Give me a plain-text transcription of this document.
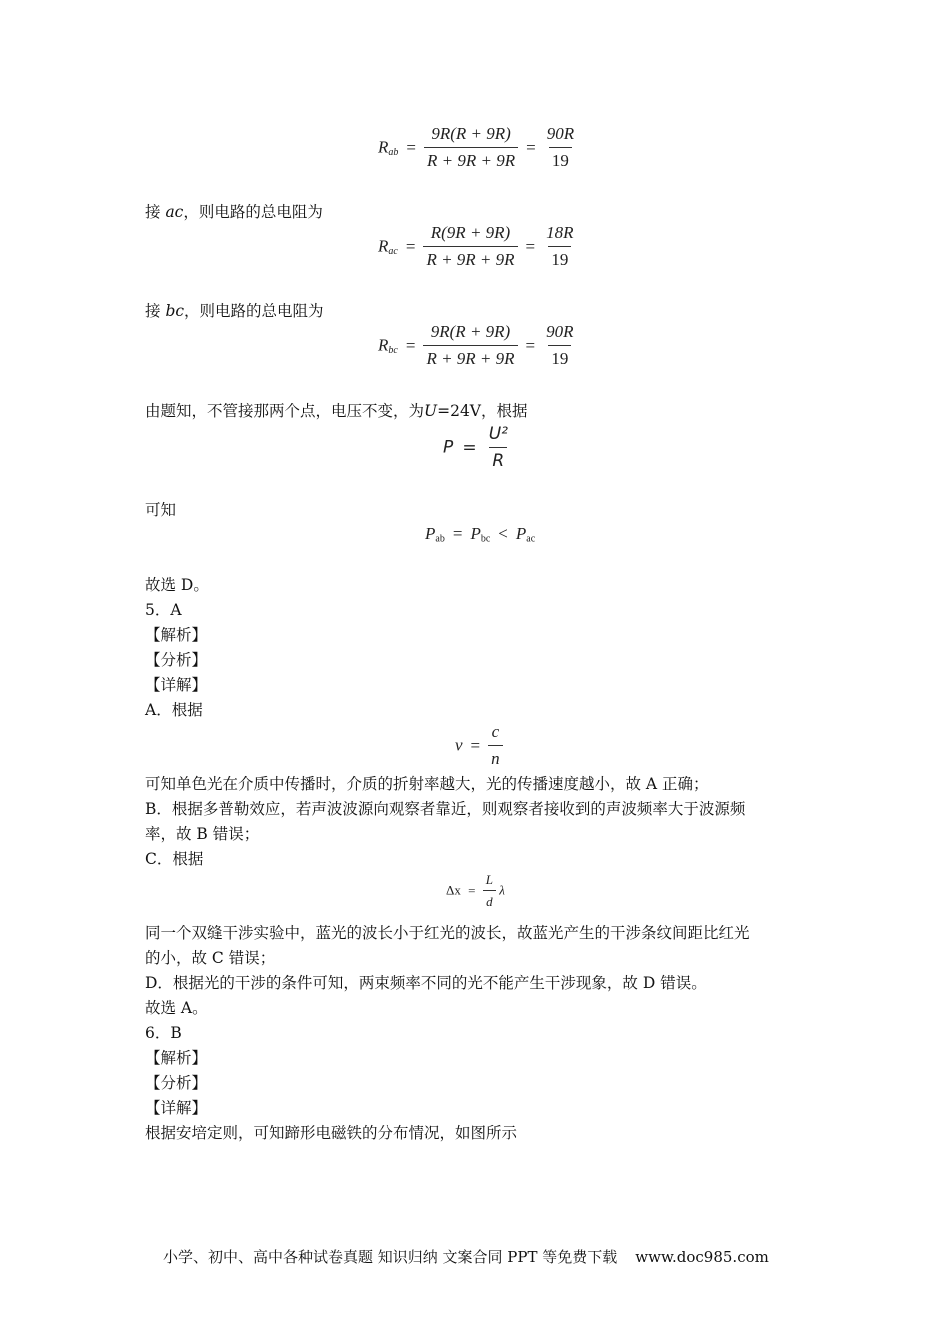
$R_{ab} = \frac{9R(R + 9R)}{R + 9R + 9R} = \frac{90R}{19}$
接 ac，则电路的总电阻为
$R_{ac} = \frac{R(9R + 9R)}{R + 9R + 9R} = \frac{18R}{19}$
接 bc，则电路的总电阻为
$R_{bc} = \frac{9R(R + 9R)}{R + 9R + 9R} = \frac{90R}{19}$
由题知，不管接那两个点，电压不变，为U=24V，根据
$P = \frac{\text{U²}}{R}$
可知
$P_{ab} = P_{bc} < P_{ac}$
故选 D。
5．A
【解析】
【分析】
【详解】
A．根据
$v = \frac{c}{n}$
可知单色光在介质中传播时，介质的折射率越大，光的传播速度越小，故 A 正确；
B．根据多普勒效应，若声波波源向观察者靠近，则观察者接收到的声波频率大于波源频
率，故 B 错误；
C．根据
$\Delta x = \frac{L}{d}$ λ
同一个双缝干涉实验中，蓝光的波长小于红光的波长，故蓝光产生的干涉条纹间距比红光
的小，故 C 错误；
D．根据光的干涉的条件可知，两束频率不同的光不能产生干涉现象，故 D 错误。
故选 A。
6．B
【解析】
【分析】
【详解】
根据安培定则，可知蹄形电磁铁的分布情况，如图所示
小学、初中、高中各种试卷真题 知识归纳 文案合同 PPT 等免费下载 www.doc985.com
